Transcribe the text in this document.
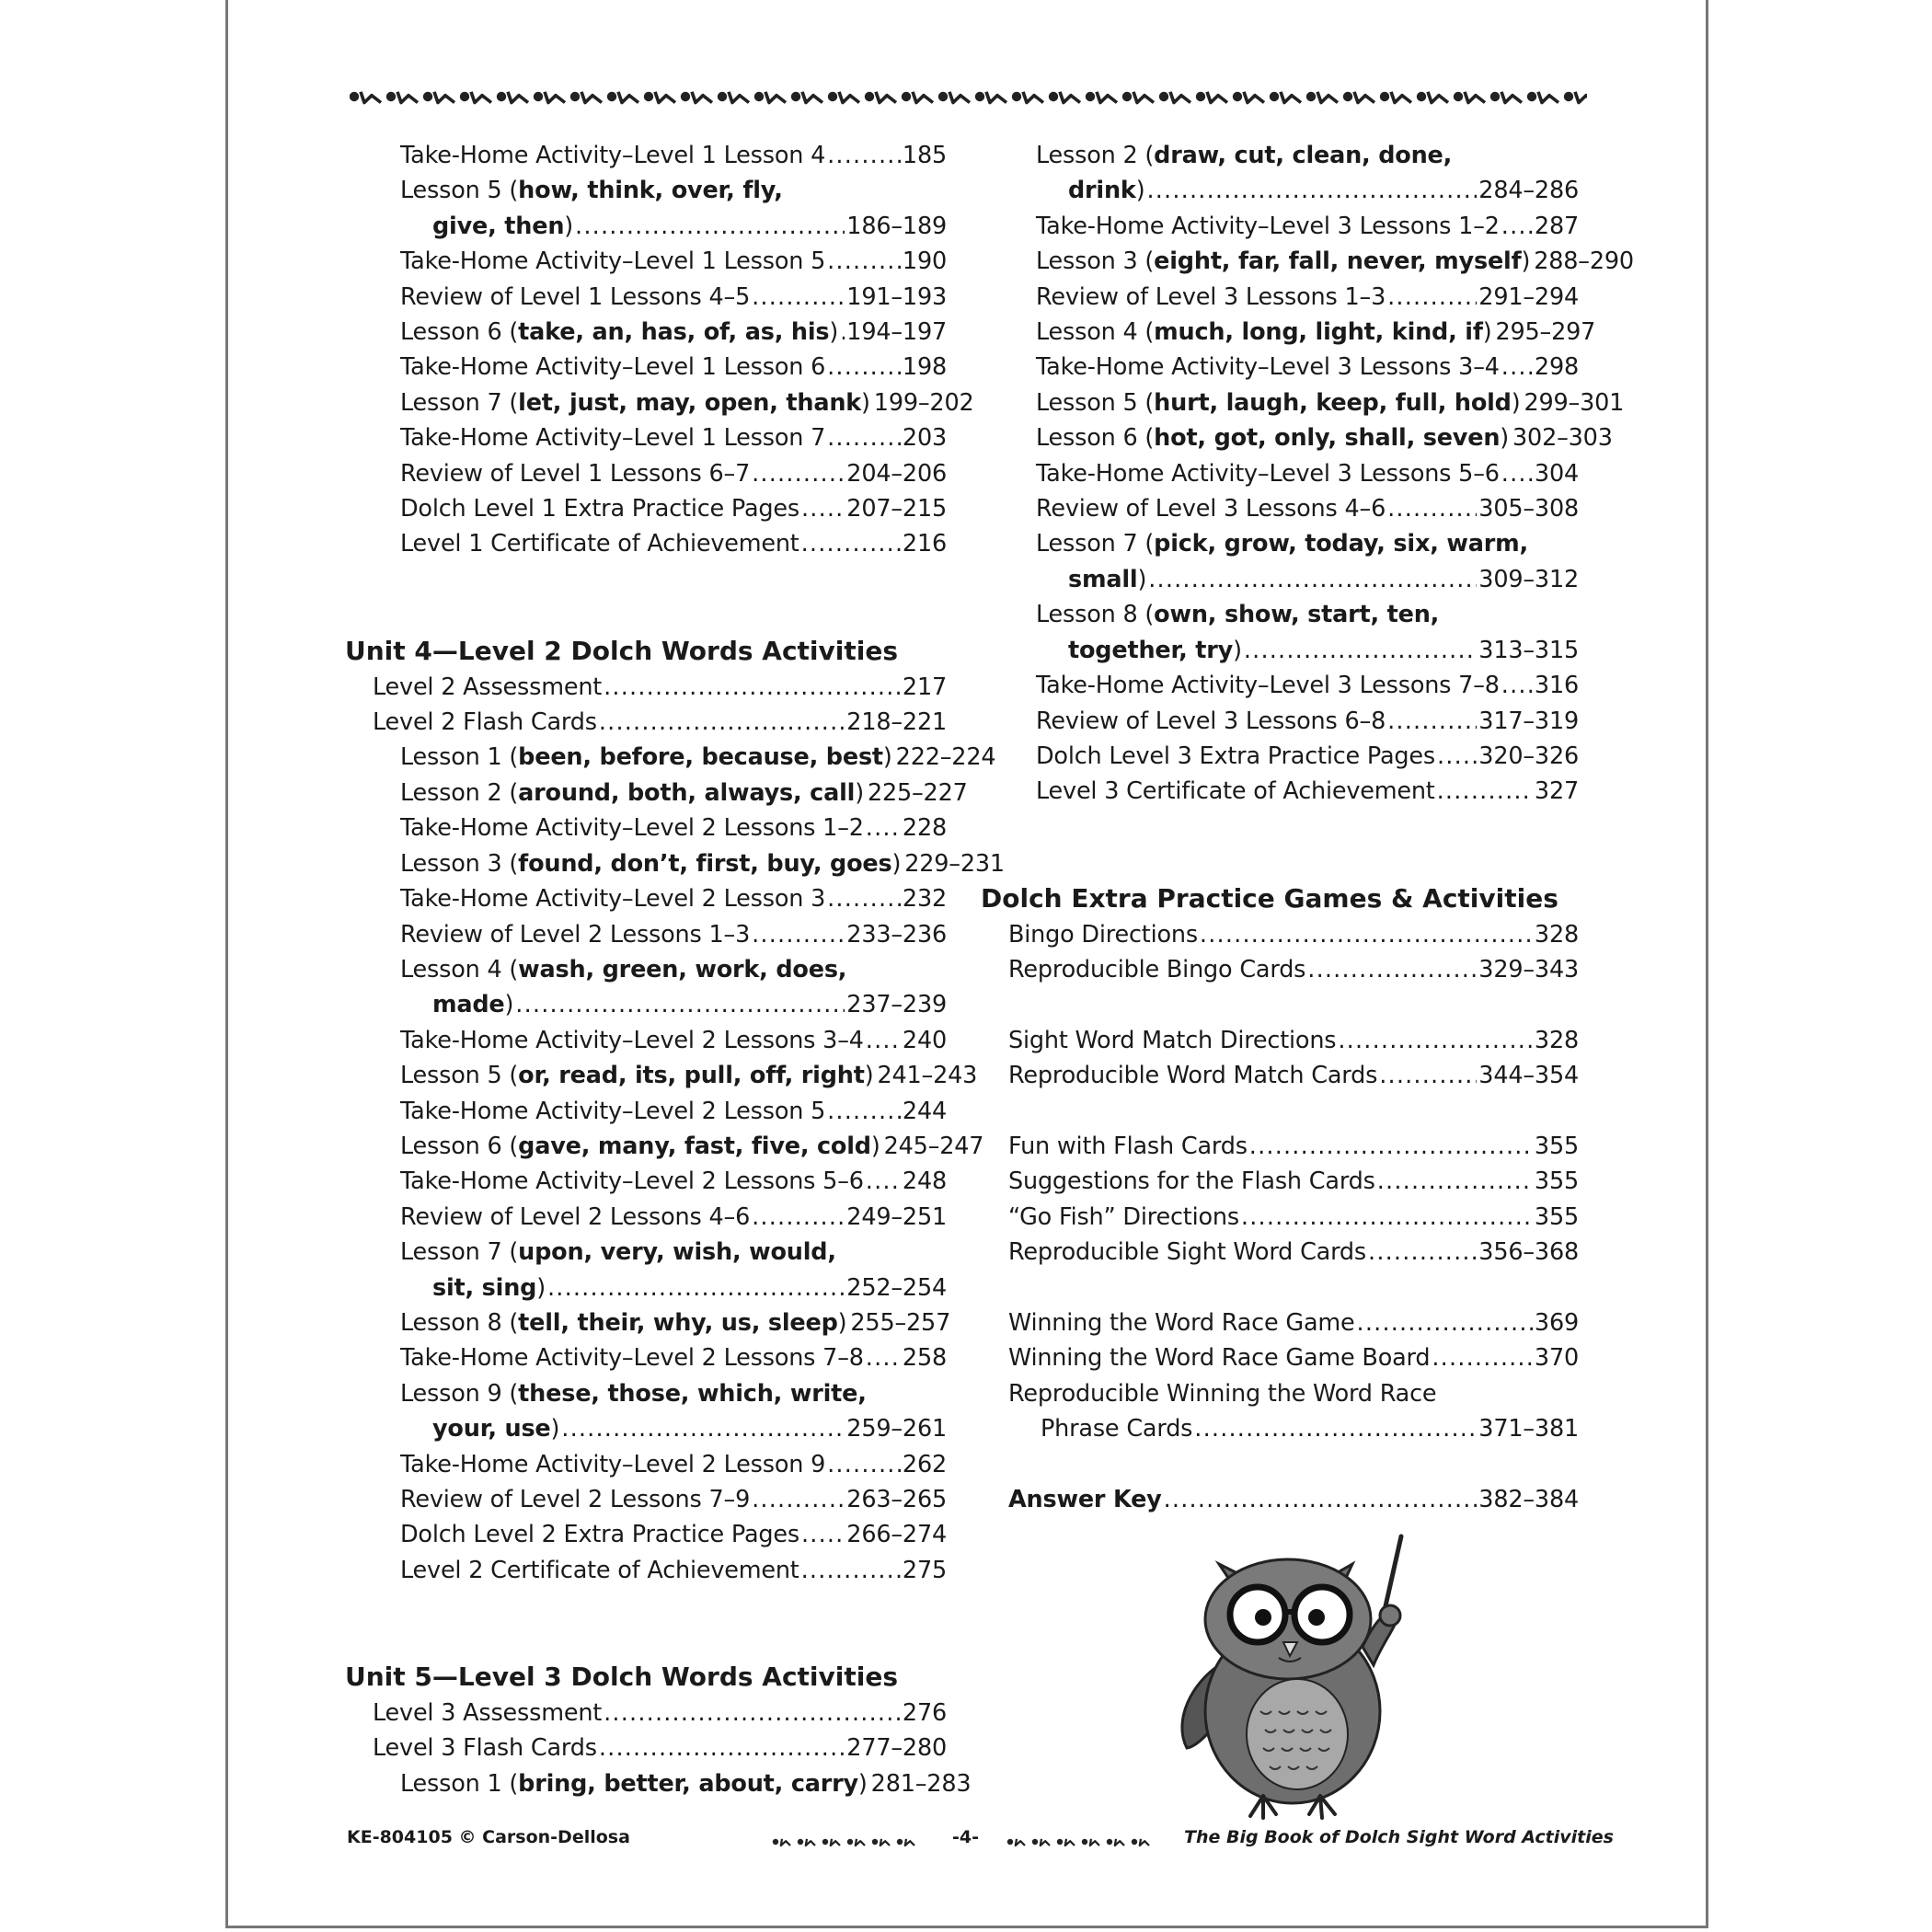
Take-Home Activity–Level 1 Lesson 4 .....	185
Lesson 5 (how, think, over, fly,
give, then) .....	186–189
Take-Home Activity–Level 1 Lesson 5 .....	190
Review of Level 1 Lessons 4–5 .....	191–193
Lesson 6 (take, an, has, of, as, his) ..... 194–197
Take-Home Activity–Level 1 Lesson 6 .....	198
Lesson 7 (let, just, may, open, thank) 199–202
Take-Home Activity–Level 1 Lesson 7 .....	203
Review of Level 1 Lessons 6–7 .....	204–206
Dolch Level 1 Extra Practice Pages ..... 207–215
Level 1 Certificate of Achievement .....	216
Unit 4—Level 2 Dolch Words Activities
Level 2 Assessment .....	217
Level 2 Flash Cards .....	218–221
Lesson 1 (been, before, because, best) 222–224
Lesson 2 (around, both, always, call) 225–227
Take-Home Activity–Level 2 Lessons 1–2 ..... 228
Lesson 3 (found, don’t, first, buy, goes) 229–231
Take-Home Activity–Level 2 Lesson 3 .....	232
Review of Level 2 Lessons 1–3 .....	233–236
Lesson 4 (wash, green, work, does,
made) .....	237–239
Take-Home Activity–Level 2 Lessons 3–4 ..... 240
Lesson 5 (or, read, its, pull, off, right) 241–243
Take-Home Activity–Level 2 Lesson 5 .....	244
Lesson 6 (gave, many, fast, five, cold) 245–247
Take-Home Activity–Level 2 Lessons 5–6 ..... 248
Review of Level 2 Lessons 4–6 .....	249–251
Lesson 7 (upon, very, wish, would,
sit, sing) .....	252–254
Lesson 8 (tell, their, why, us, sleep) 255–257
Take-Home Activity–Level 2 Lessons 7–8 ..... 258
Lesson 9 (these, those, which, write,
your, use) .....	259–261
Take-Home Activity–Level 2 Lesson 9 .....	262
Review of Level 2 Lessons 7–9 .....	263–265
Dolch Level 2 Extra Practice Pages ..... 266–274
Level 2 Certificate of Achievement .....	275
Unit 5—Level 3 Dolch Words Activities
Level 3 Assessment .....	276
Level 3 Flash Cards .....	277–280
Lesson 1 (bring, better, about, carry) 281–283
Lesson 2 (draw, cut, clean, done,
drink) .....	284–286
Take-Home Activity–Level 3 Lessons 1–2 ..... 287
Lesson 3 (eight, far, fall, never, myself) 288–290
Review of Level 3 Lessons 1–3 .....	291–294
Lesson 4 (much, long, light, kind, if) 295–297
Take-Home Activity–Level 3 Lessons 3–4 ..... 298
Lesson 5 (hurt, laugh, keep, full, hold) 299–301
Lesson 6 (hot, got, only, shall, seven) 302–303
Take-Home Activity–Level 3 Lessons 5–6 ..... 304
Review of Level 3 Lessons 4–6 .....	305–308
Lesson 7 (pick, grow, today, six, warm,
small) .....	309–312
Lesson 8 (own, show, start, ten,
together, try) .....	313–315
Take-Home Activity–Level 3 Lessons 7–8 ..... 316
Review of Level 3 Lessons 6–8 .....	317–319
Dolch Level 3 Extra Practice Pages ..... 320–326
Level 3 Certificate of Achievement .....	327
Dolch Extra Practice Games & Activities
Bingo Directions .....	328
Reproducible Bingo Cards .....	329–343
Sight Word Match Directions .....	328
Reproducible Word Match Cards .....	344–354
Fun with Flash Cards .....	355
Suggestions for the Flash Cards .....	355
“Go Fish” Directions .....	355
Reproducible Sight Word Cards .....	356–368
Winning the Word Race Game .....	369
Winning the Word Race Game Board .....	370
Reproducible Winning the Word Race
Phrase Cards .....	371–381
Answer Key .....	382–384
KE-804105 © Carson-Dellosa	-4-	The Big Book of Dolch Sight Word Activities
